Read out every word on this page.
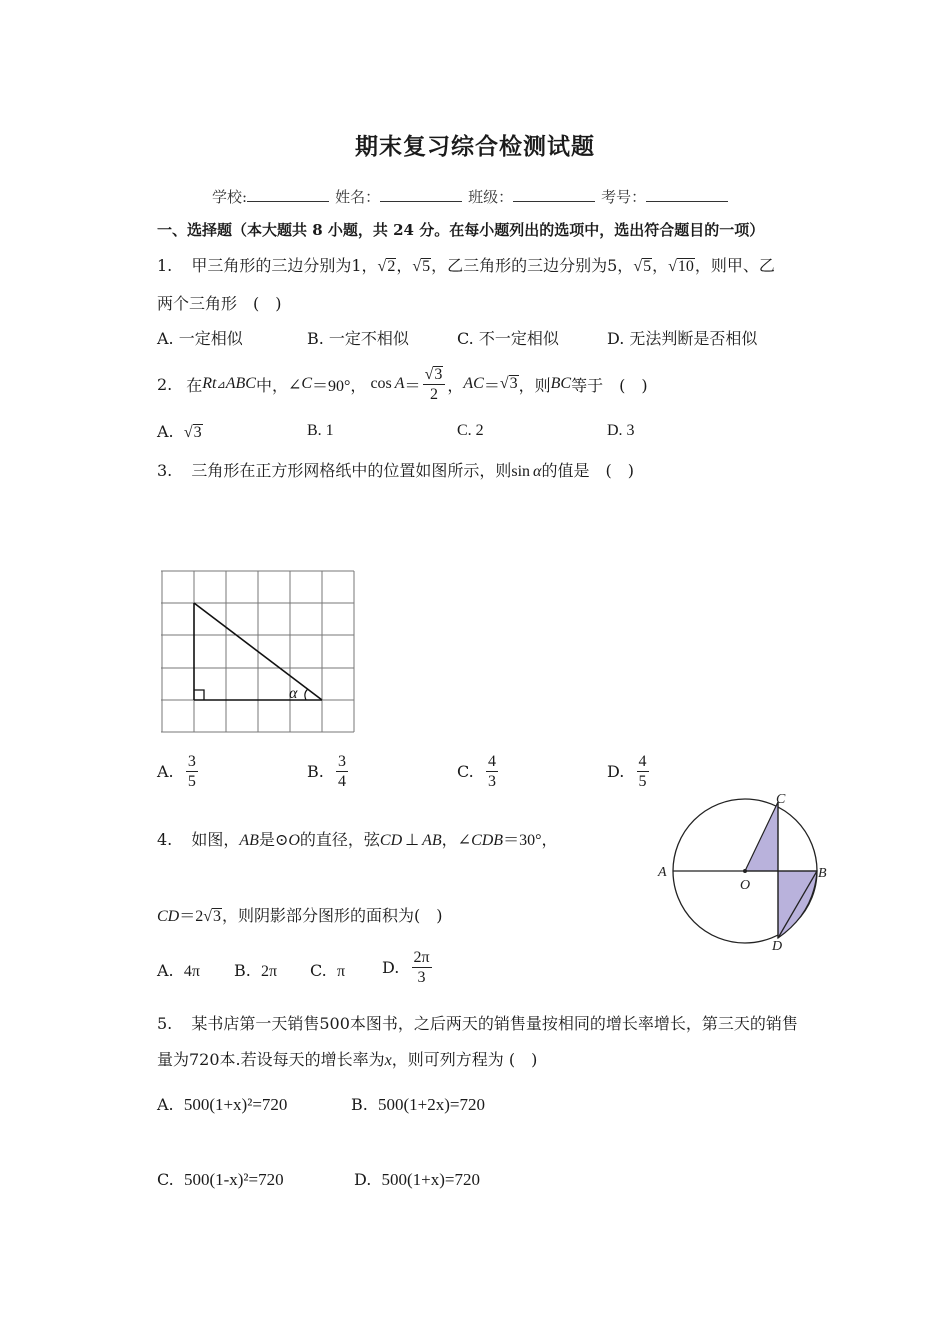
期末复习综合检测试题
学校:	姓名：	班级：	考号：
一、选择题（本大题共 8 小题，共 24 分。在每小题列出的选项中，选出符合题目的一项）
1. 甲三角形的三边分别为1，√2，√5，乙三角形的三边分别为5，√5，√10，则甲、乙
两个三角形　(　)
A. 一定相似	B. 一定不相似	C. 不一定相似	D. 无法判断是否相似
2. 在 Rt ⊿ ABC 中， ∠ C ＝90°， $\cos A = \frac{√3}{2}$ ， AC ＝ √3 ，则 BC 等于　(　)
A. √3	B. 1	C. 2	D. 3
3. 三角形在正方形网格纸中的位置如图所示，则sin α的值是　(　)
α
A.
$\frac{3}{5}$	B.
$\frac{3}{4}$	C.
$\frac{4}{3}$	D.
$\frac{4}{5}$
A	B
C
D
O
4. 如图，AB是⊙O的直径，弦CD ⊥ AB，∠CDB＝30°，
CD＝2√3，则阴影部分图形的面积为(　)
A. 4π B. 2π C. π D.
$\frac{2\pi}{3}$
5. 某书店第一天销售500本图书，之后两天的销售量按相同的增长率增长，第三天的销售
量为720本.若设每天的增长率为x，则可列方程为 (　)
A. 500(1+x)²=720	B. 500(1+2x)=720
C. 500(1-x)²=720	D. 500(1+x)=720
